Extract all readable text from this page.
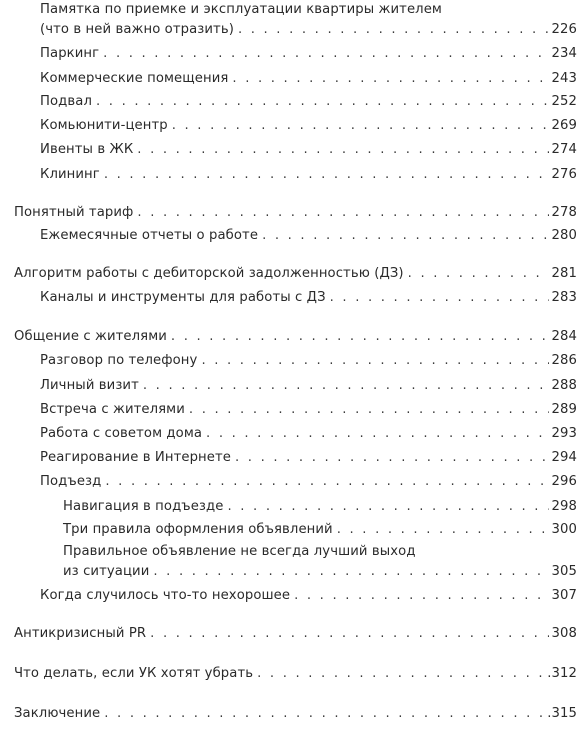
Памятка по приемке и эксплуатации квартиры жителем
(что в ней важно отразить) . . .	226
Паркинг . . .	234
Коммерческие помещения . . .	243
Подвал . . .	252
Комьюнити-центр . . .	269
Ивенты в ЖК . . .	274
Клининг . . .	276
Понятный тариф . . .	278
Ежемесячные отчеты о работе . . .	280
Алгоритм работы с дебиторской задолженностью (ДЗ) . . .	281
Каналы и инструменты для работы с ДЗ . . .	283
Общение с жителями . . .	284
Разговор по телефону . . .	286
Личный визит . . .	288
Встреча с жителями . . .	289
Работа с советом дома . . .	293
Реагирование в Интернете . . .	294
Подъезд . . .	296
Навигация в подъезде . . .	298
Три правила оформления объявлений . . .	300
Правильное объявление не всегда лучший выход
из ситуации . . .	305
Когда случилось что-то нехорошее . . .	307
Антикризисный PR . . .	308
Что делать, если УК хотят убрать . . .	.312
Заключение . . .	.315
